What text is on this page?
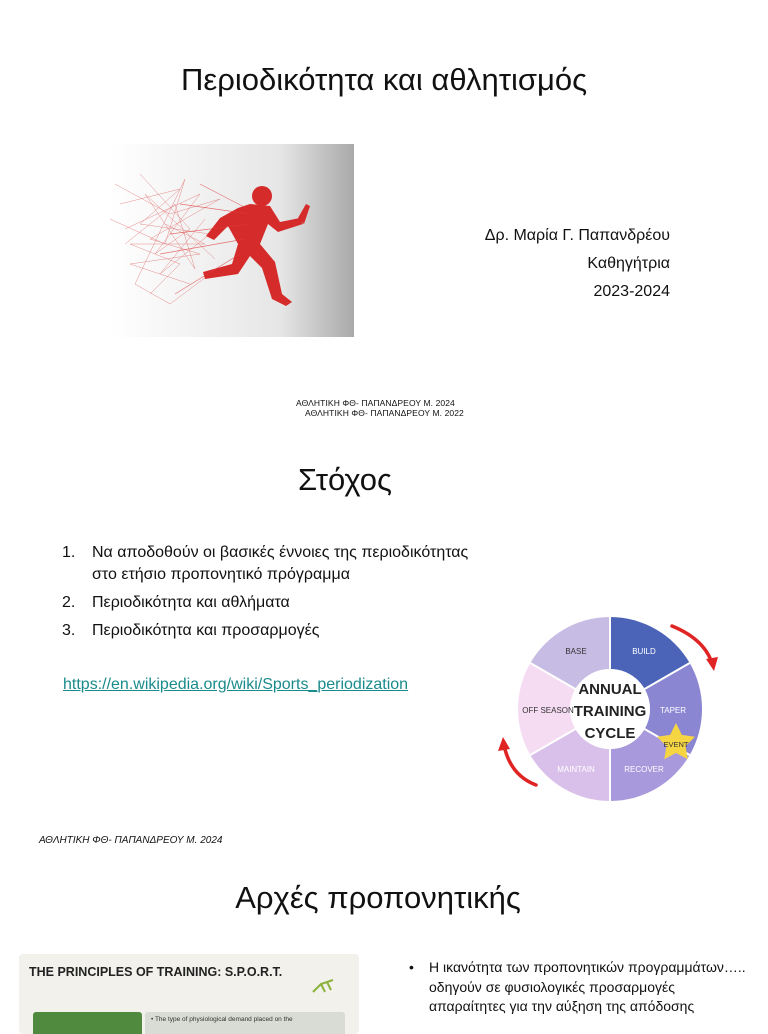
Περιοδικότητα και αθλητισμός
Δρ. Μαρία Γ. Παπανδρέου
Καθηγήτρια
2023-2024
ΑΘΛΗΤΙΚΗ ΦΘ- ΠΑΠΑΝΔΡΕΟΥ Μ. 2024
ΑΘΛΗΤΙΚΗ ΦΘ- ΠΑΠΑΝΔΡΕΟΥ Μ. 2022
Στόχος
1.	Να αποδοθούν οι βασικές έννοιες της περιοδικότητας
στο ετήσιο προπονητικό πρόγραμμα
2.	Περιοδικότητα και αθλήματα
3.	Περιοδικότητα και προσαρμογές
https://en.wikipedia.org/wiki/Sports_periodization	ANNUAL
TRAINING
CYCLE
BASE	BUILD
TAPER
RECOVER
MAINTAIN
OFF SEASON
EVENT
ΑΘΛΗΤΙΚΗ ΦΘ- ΠΑΠΑΝΔΡΕΟΥ Μ. 2024
Αρχές προπονητικής
THE PRINCIPLES OF TRAINING: S.P.O.R.T.
• The type of physiological demand placed on the
•	Η ικανότητα των προπονητικών προγραμμάτων….. οδηγούν σε φυσιολογικές προσαρμογές απαραίτητες για την αύξηση της απόδοσης
